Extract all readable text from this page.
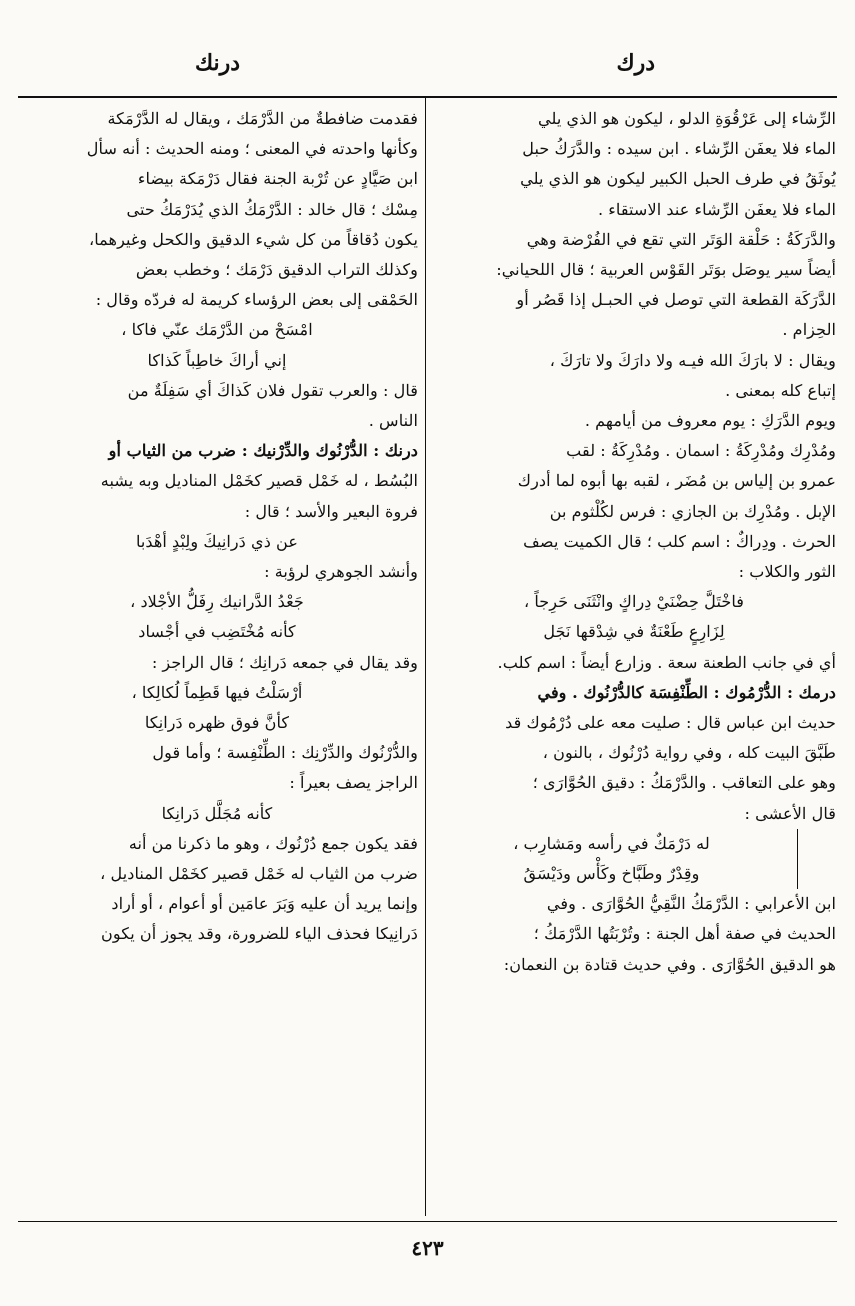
درك
درنك

الرِّشاء إلى عَرْقُوَةِ الدلو ، ليكون هو الذي يلي

الماء فلا يعفَن الرِّشاء . ابن سيده : والدَّرَكُ حبل

يُوثَقُ في طرف الحبل الكبير ليكون هو الذي يلي

الماء فلا يعفَن الرِّشاء عند الاستقاء .

والدَّرَكَةُ : حَلْقة الوَتَر التي تقع في الفُرْضة وهي

أيضاً سير يوصَل بوَتَر القَوْس العربية ؛ قال اللحياني:

الدَّرَكَة القطعة التي توصل في الحبـل إذا قَصُر أو

الحِزام .

ويقال : لا بارَكَ الله فيـه ولا دارَكَ ولا تارَكَ ،

إتباع كله بمعنى .

ويوم الدَّرَكِ : يوم معروف من أيامهم .

ومُدْرِك ومُدْرِكَةُ : اسمان . ومُدْرِكَةُ : لقب

عمرو بن إلياس بن مُضَر ، لقبه بها أبوه لما أدرك

الإبل . ومُدْرِك بن الجازي : فرس لكُلْثوم بن

الحرث . ودِراكٌ : اسم كلب ؛ قال الكميت يصف

الثور والكلاب :

فاخْتَلَّ حِضْنَيْ دِراكٍ وانْثَنَى حَرِجاً ،

لِزَارِعٍ طَعْنَةٌ في شِدْقها نَجَل

أي في جانب الطعنة سعة . وزارع أيضاً : اسم كلب.

درمك : الدُّرْمُوك : الطِّنْفِسَة كالدُّرْنُوك . وفي

حديث ابن عباس قال : صليت معه على دُرْمُوك قد

طَبَّقَ البيت كله ، وفي رواية دُرْنُوك ، بالنون ،

وهو على التعاقب . والدَّرْمَكُ : دقيق الحُوَّارَى ؛

قال الأعشى :

له دَرْمَكٌ في رأسه ومَشارِب ،

وقِدْرٌ وطَبَّاخ وكَأْس ودَيْسَقُ

ابن الأعرابي : الدَّرْمَكُ النَّقِيُّ الحُوَّارَى . وفي

الحديث في صفة أهل الجنة : وتُرْبَتُها الدَّرْمَكُ ؛

هو الدقيق الحُوَّارَى . وفي حديث قتادة بن النعمان:

فقدمت ضافطةٌ من الدَّرْمَك ، ويقال له الدَّرْمَكة

وكأنها واحدته في المعنى ؛ ومنه الحديث : أنه سأل

ابن صَيَّادٍ عن تُرْبة الجنة فقال دَرْمَكة بيضاء

مِسْك ؛ قال خالد : الدَّرْمَكُ الذي يُدَرْمَكُ حتى

يكون دُقاقاً من كل شيء الدقيق والكحل وغيرهما،

وكذلك التراب الدقيق دَرْمَك ؛ وخطب بعض

الحَمْقى إلى بعض الرؤساء كريمة له فردّه وقال :

امْسَحْ من الدَّرْمَك عنّي فاكا ،

إني أراكَ خاطِباً كَذاكا

قال : والعرب تقول فلان كَذاكَ أي سَفِلَةٌ من

الناس .

درنك : الدُّرْنُوك والدِّرْنيك : ضرب من الثياب أو

البُسُط ، له خَمْل قصير كخَمْل المناديل وبه يشبه

فروة البعير والأسد ؛ قال :

عن ذي دَرانِيكَ ولِبْدٍ أهْدَبا

وأنشد الجوهري لرؤبة :

جَعْدُ الدَّرانيك رِفَلُّ الأجْلاد ،

كأنه مُخْتَضِب في أجْساد

وقد يقال في جمعه دَرانِك ؛ قال الراجز :

أرْسَلْتُ فيها قَطِماً لُكالِكا ،

كأنَّ فوق ظهره دَرانِكا

والدُّرْنُوك والدِّرْنِك : الطِّنْفِسة ؛ وأما قول

الراجز يصف بعيراً :

كأنه مُجَلَّل دَرانِكا

فقد يكون جمع دُرْنُوك ، وهو ما ذكرنا من أنه

ضرب من الثياب له خَمْل قصير كخَمْل المناديل ،

وإنما يريد أن عليه وَبَرَ عامَين أو أعوام ، أو أراد

دَرانِيكا فحذف الياء للضرورة، وقد يجوز أن يكون

٤٢٣
